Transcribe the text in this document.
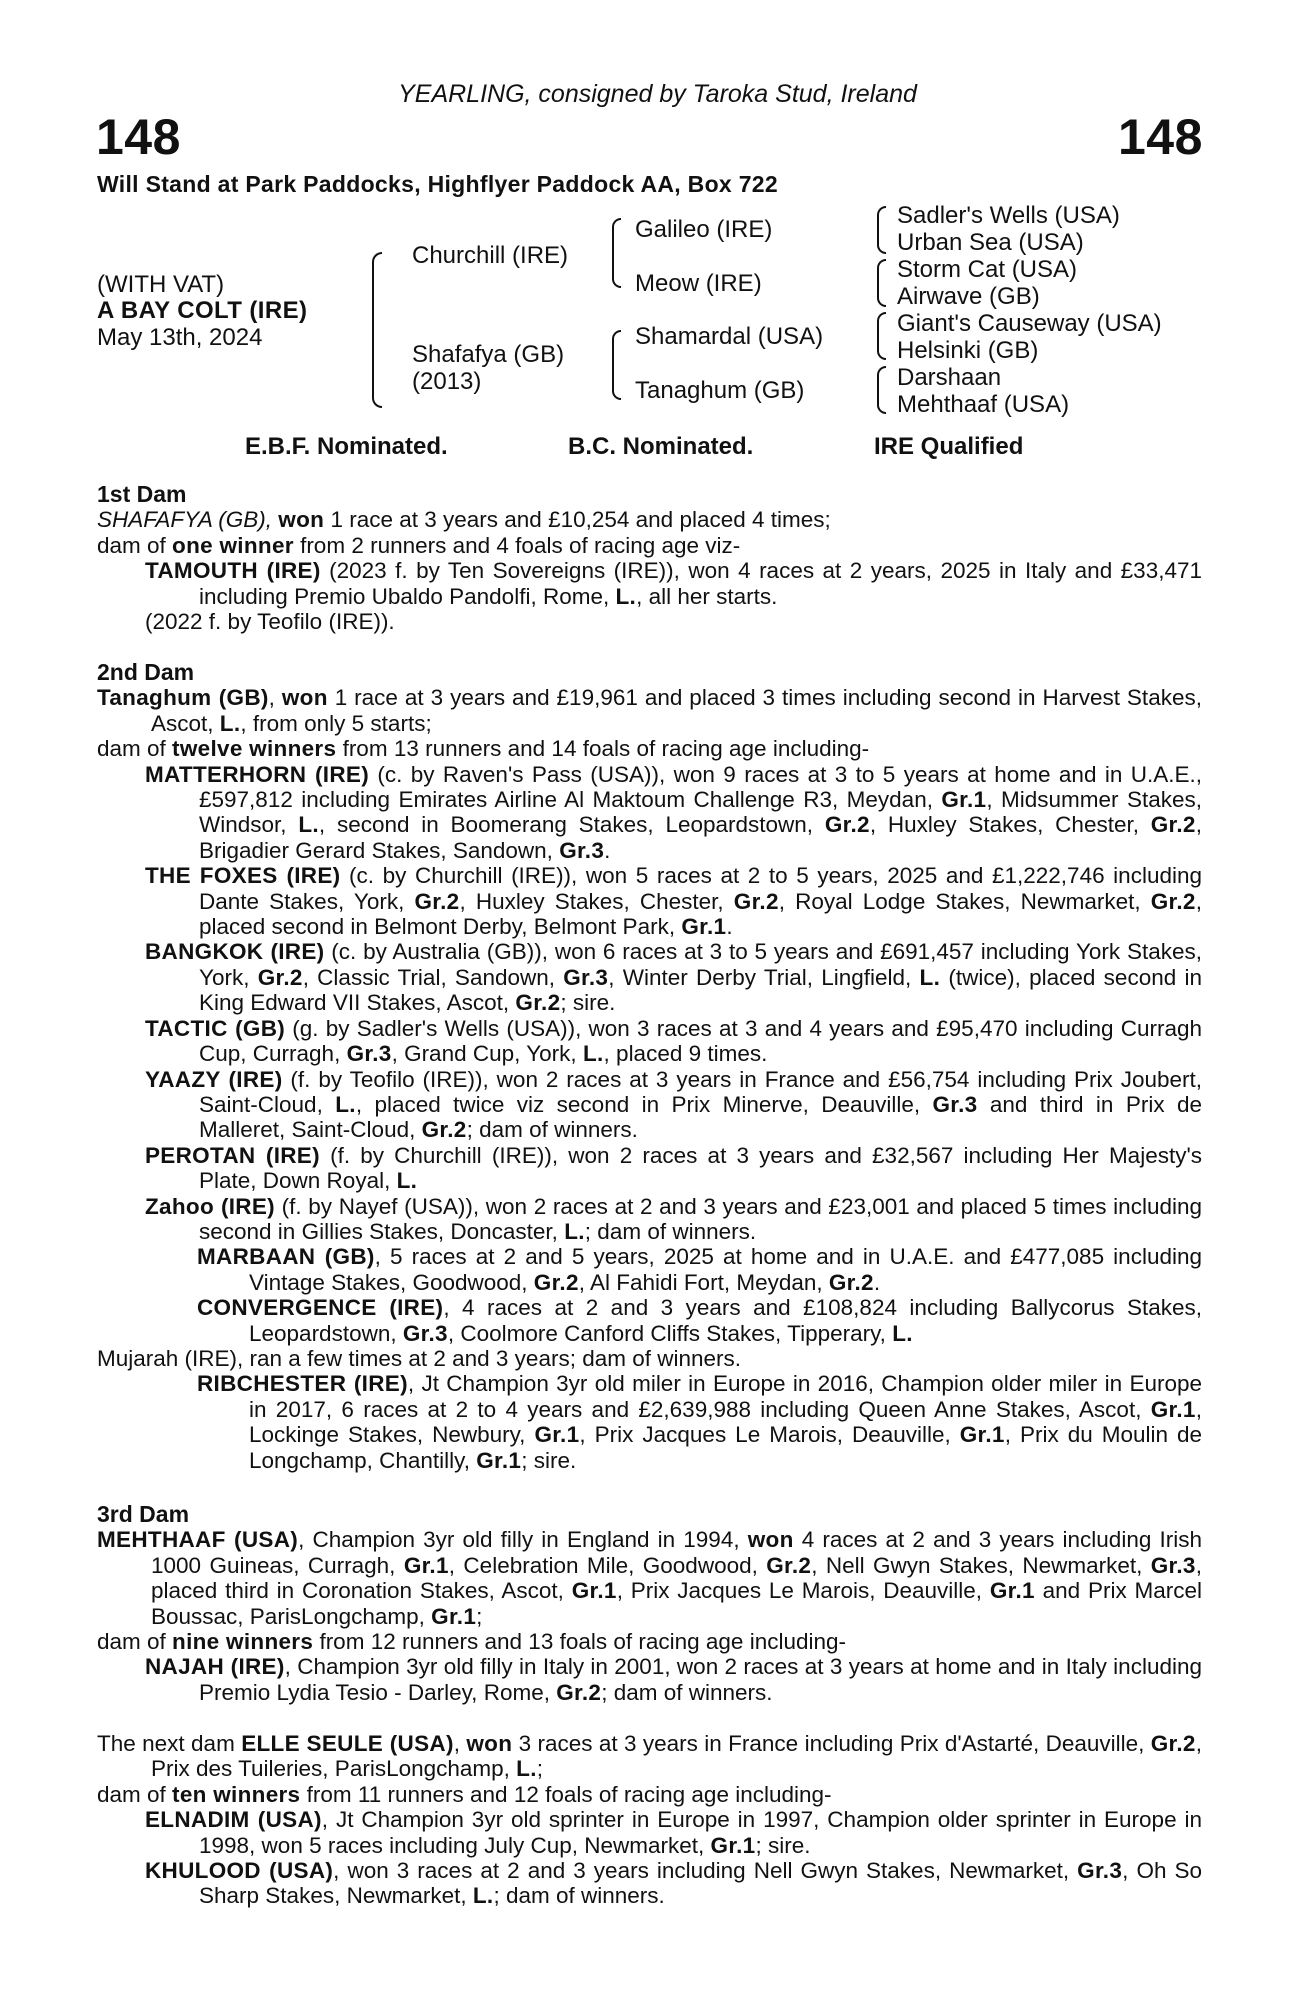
YEARLING, consigned by Taroka Stud, Ireland
148	148
Will Stand at Park Paddocks, Highflyer Paddock AA, Box 722
(WITH VAT)
A BAY COLT (IRE)
May 13th, 2024
Churchill (IRE)
Shafafya (GB)
(2013)
Galileo (IRE)
Meow (IRE)
Shamardal (USA)
Tanaghum (GB)
Sadler's Wells (USA)
Urban Sea (USA)
Storm Cat (USA)
Airwave (GB)
Giant's Causeway (USA)
Helsinki (GB)
Darshaan
Mehthaaf (USA)
E.B.F. Nominated.	B.C. Nominated.	IRE Qualified

1st Dam

SHAFAFYA (GB), won 1 race at 3 years and £10,254 and placed 4 times;

dam of one winner from 2 runners and 4 foals of racing age viz-

TAMOUTH (IRE) (2023 f. by Ten Sovereigns (IRE)), won 4 races at 2 years, 2025 in Italy and £33,471 including Premio Ubaldo Pandolfi, Rome, L., all her starts.

(2022 f. by Teofilo (IRE)).

2nd Dam

Tanaghum (GB), won 1 race at 3 years and £19,961 and placed 3 times including second in Harvest Stakes, Ascot, L., from only 5 starts;

dam of twelve winners from 13 runners and 14 foals of racing age including-

MATTERHORN (IRE) (c. by Raven's Pass (USA)), won 9 races at 3 to 5 years at home and in U.A.E., £597,812 including Emirates Airline Al Maktoum Challenge R3, Meydan, Gr.1, Midsummer Stakes, Windsor, L., second in Boomerang Stakes, Leopardstown, Gr.2, Huxley Stakes, Chester, Gr.2, Brigadier Gerard Stakes, Sandown, Gr.3.

THE FOXES (IRE) (c. by Churchill (IRE)), won 5 races at 2 to 5 years, 2025 and £1,222,746 including Dante Stakes, York, Gr.2, Huxley Stakes, Chester, Gr.2, Royal Lodge Stakes, Newmarket, Gr.2, placed second in Belmont Derby, Belmont Park, Gr.1.

BANGKOK (IRE) (c. by Australia (GB)), won 6 races at 3 to 5 years and £691,457 including York Stakes, York, Gr.2, Classic Trial, Sandown, Gr.3, Winter Derby Trial, Lingfield, L. (twice), placed second in King Edward VII Stakes, Ascot, Gr.2; sire.

TACTIC (GB) (g. by Sadler's Wells (USA)), won 3 races at 3 and 4 years and £95,470 including Curragh Cup, Curragh, Gr.3, Grand Cup, York, L., placed 9 times.

YAAZY (IRE) (f. by Teofilo (IRE)), won 2 races at 3 years in France and £56,754 including Prix Joubert, Saint-Cloud, L., placed twice viz second in Prix Minerve, Deauville, Gr.3 and third in Prix de Malleret, Saint-Cloud, Gr.2; dam of winners.

PEROTAN (IRE) (f. by Churchill (IRE)), won 2 races at 3 years and £32,567 including Her Majesty's Plate, Down Royal, L.

Zahoo (IRE) (f. by Nayef (USA)), won 2 races at 2 and 3 years and £23,001 and placed 5 times including second in Gillies Stakes, Doncaster, L.; dam of winners.

MARBAAN (GB), 5 races at 2 and 5 years, 2025 at home and in U.A.E. and £477,085 including Vintage Stakes, Goodwood, Gr.2, Al Fahidi Fort, Meydan, Gr.2.

CONVERGENCE (IRE), 4 races at 2 and 3 years and £108,824 including Ballycorus Stakes, Leopardstown, Gr.3, Coolmore Canford Cliffs Stakes, Tipperary, L.

Mujarah (IRE), ran a few times at 2 and 3 years; dam of winners.

RIBCHESTER (IRE), Jt Champion 3yr old miler in Europe in 2016, Champion older miler in Europe in 2017, 6 races at 2 to 4 years and £2,639,988 including Queen Anne Stakes, Ascot, Gr.1, Lockinge Stakes, Newbury, Gr.1, Prix Jacques Le Marois, Deauville, Gr.1, Prix du Moulin de Longchamp, Chantilly, Gr.1; sire.

3rd Dam

MEHTHAAF (USA), Champion 3yr old filly in England in 1994, won 4 races at 2 and 3 years including Irish 1000 Guineas, Curragh, Gr.1, Celebration Mile, Goodwood, Gr.2, Nell Gwyn Stakes, Newmarket, Gr.3, placed third in Coronation Stakes, Ascot, Gr.1, Prix Jacques Le Marois, Deauville, Gr.1 and Prix Marcel Boussac, ParisLongchamp, Gr.1;

dam of nine winners from 12 runners and 13 foals of racing age including-

NAJAH (IRE), Champion 3yr old filly in Italy in 2001, won 2 races at 3 years at home and in Italy including Premio Lydia Tesio - Darley, Rome, Gr.2; dam of winners.

The next dam ELLE SEULE (USA), won 3 races at 3 years in France including Prix d'Astarté, Deauville, Gr.2, Prix des Tuileries, ParisLongchamp, L.;

dam of ten winners from 11 runners and 12 foals of racing age including-

ELNADIM (USA), Jt Champion 3yr old sprinter in Europe in 1997, Champion older sprinter in Europe in 1998, won 5 races including July Cup, Newmarket, Gr.1; sire.

KHULOOD (USA), won 3 races at 2 and 3 years including Nell Gwyn Stakes, Newmarket, Gr.3, Oh So Sharp Stakes, Newmarket, L.; dam of winners.
